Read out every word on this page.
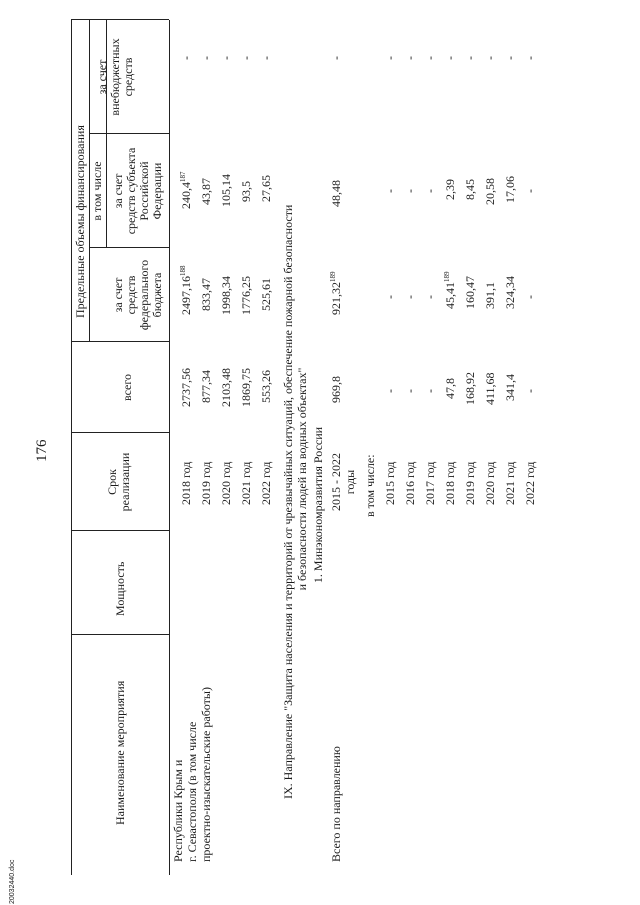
176
20032440.doc
Наименование мероприятия
Мощность
Срок реализации
Предельные объемы финансирования
всего
в том числе
за счет средств федерального бюджета
за счет средств субъекта Российской Федерации
за счет внебюджетных средств
Республики Крым и г. Севастополя (в том числе проектно-изыскательские работы)
2018 год
2737,56
2497,16$^{188}$
240,4$^{187}$
-
2019 год
877,34
833,47
43,87
-
2020 год
2103,48
1998,34
105,14
-
2021 год
1869,75
1776,25
93,5
-
2022 год
553,26
525,61
27,65
-
IX. Направление "Защита населения и территорий от чрезвычайных ситуаций, обеспечение пожарной безопасности и безопасности людей на водных объектах" 1. Минэкономразвития России
Всего по направлению
2015 - 2022 годы
969,8
921,32$^{189}$
48,48
-
в том числе: 2015 год
-
-
-
-
2016 год
-
-
-
-
2017 год
-
-
-
-
2018 год
47,8
45,41$^{189}$
2,39
-
2019 год
168,92
160,47
8,45
-
2020 год
411,68
391,1
20,58
-
2021 год
341,4
324,34
17,06
-
2022 год
-
-
-
-
